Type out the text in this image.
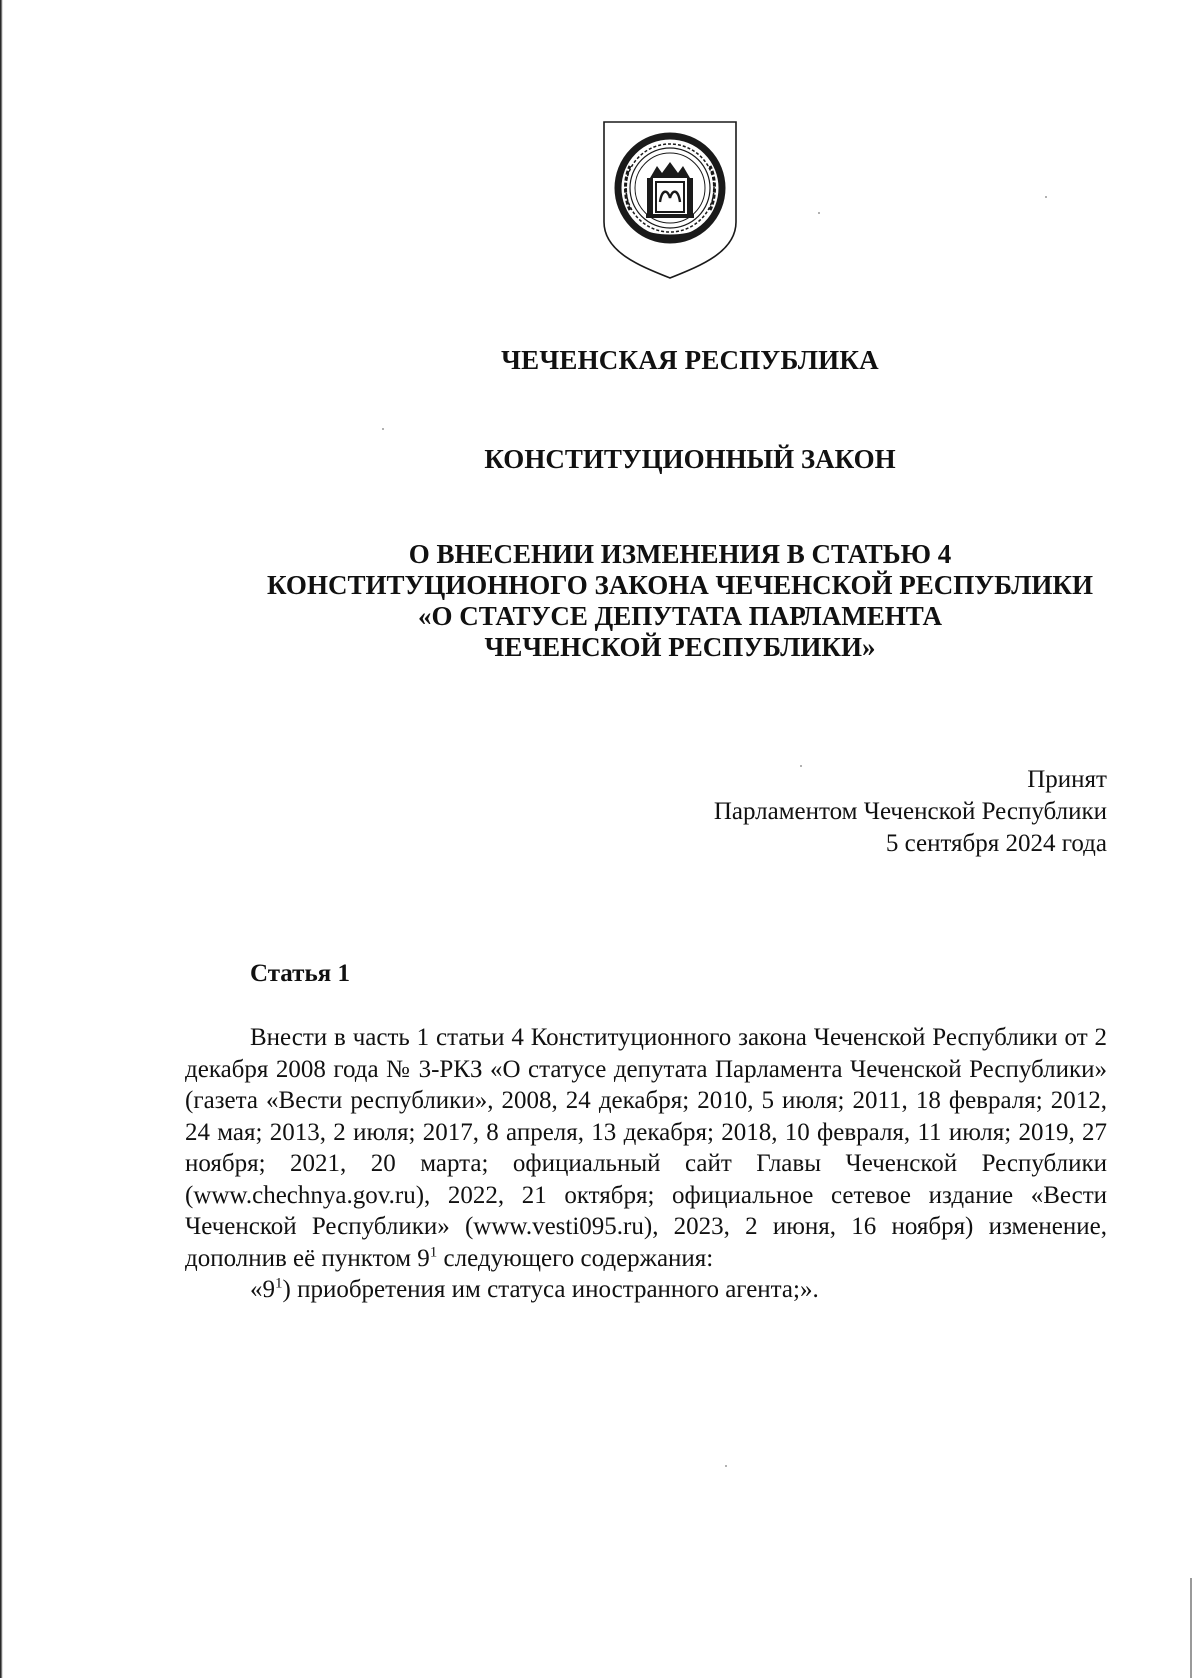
ЧЕЧЕНСКАЯ РЕСПУБЛИКА
КОНСТИТУЦИОННЫЙ ЗАКОН
О ВНЕСЕНИИ ИЗМЕНЕНИЯ В СТАТЬЮ 4
КОНСТИТУЦИОННОГО ЗАКОНА ЧЕЧЕНСКОЙ РЕСПУБЛИКИ
«О СТАТУСЕ ДЕПУТАТА ПАРЛАМЕНТА
ЧЕЧЕНСКОЙ РЕСПУБЛИКИ»
Принят
Парламентом Чеченской Республики
5 сентября 2024 года
Статья 1

Внести в часть 1 статьи 4 Конституционного закона Чеченской Республики от 2 декабря 2008 года № 3-РКЗ «О статусе депутата Парламента Чеченской Республики» (газета «Вести республики», 2008, 24 декабря; 2010, 5 июля; 2011, 18 февраля; 2012, 24 мая; 2013, 2 июля; 2017, 8 апреля, 13 декабря; 2018, 10 февраля, 11 июля; 2019, 27 ноября; 2021, 20 марта; официальный сайт Главы Чеченской Республики (www.chechnya.gov.ru), 2022, 21 октября; официальное сетевое издание «Вести Чеченской Республики» (www.vesti095.ru), 2023, 2 июня, 16 ноября) изменение, дополнив её пунктом $9^1$ следующего содержания:

«$9^1$) приобретения им статуса иностранного агента;».
